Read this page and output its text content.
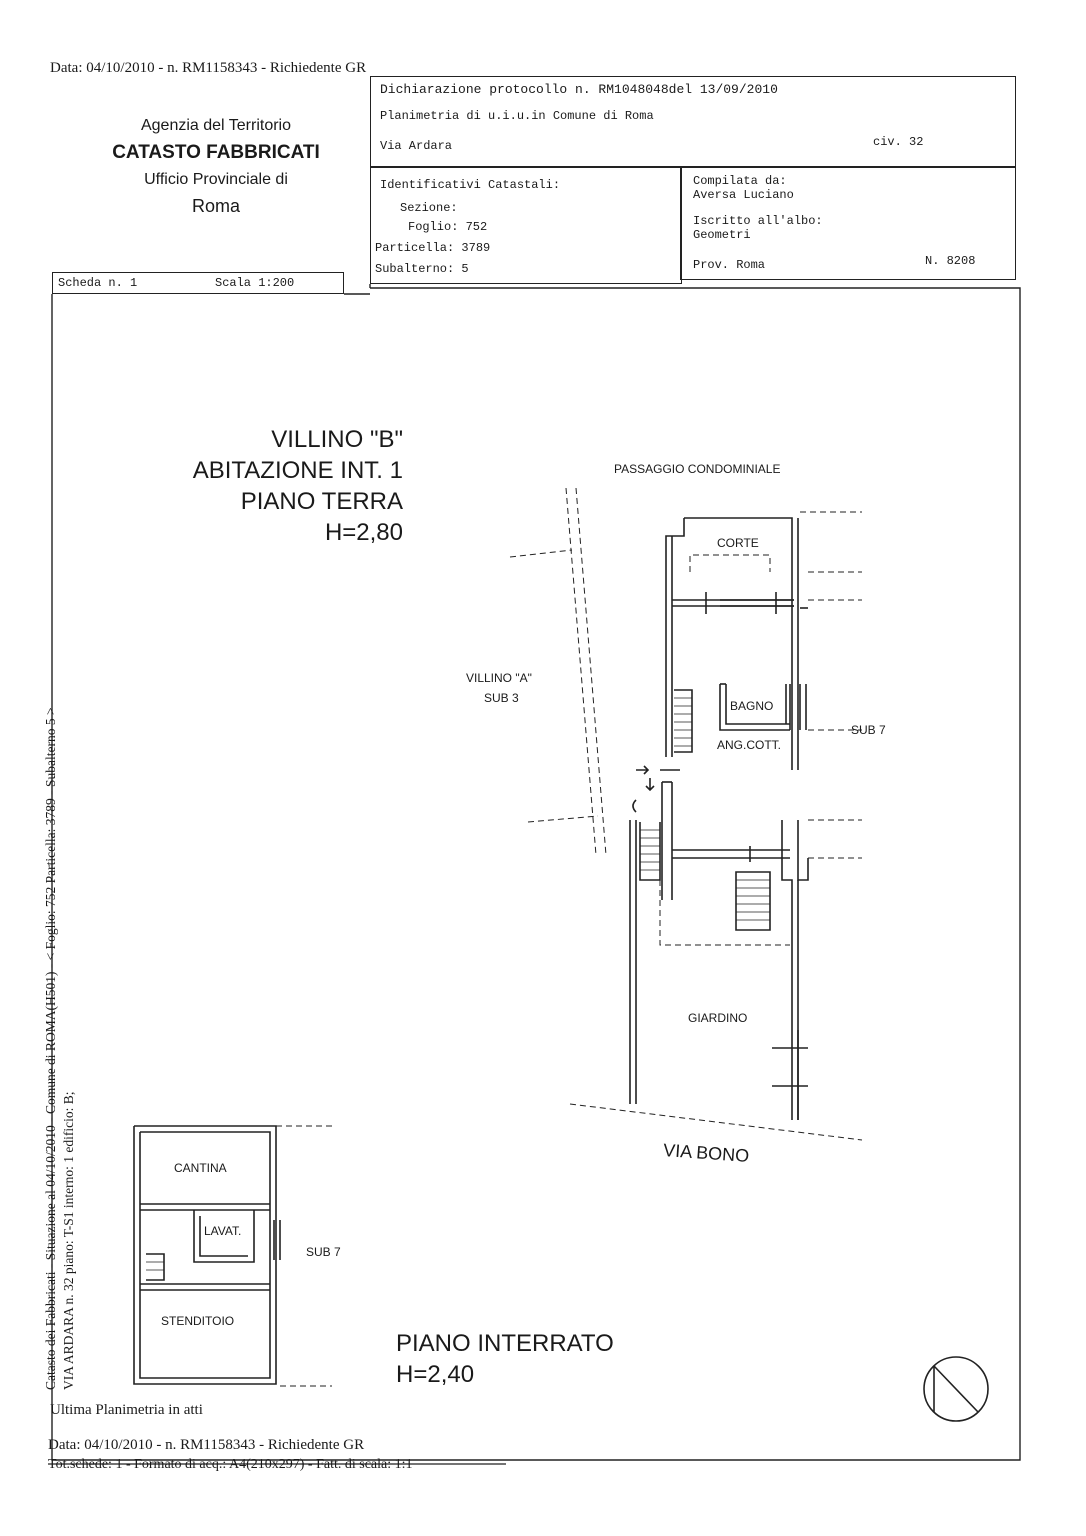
Data: 04/10/2010 - n. RM1158343 - Richiedente GR
Agenzia del Territorio
CATASTO FABBRICATI
Ufficio Provinciale di
Roma
Dichiarazione protocollo n. RM1048048del 13/09/2010
Planimetria di u.i.u.in Comune di Roma
Via Ardara	civ. 32
Identificativi Catastali:
Sezione:
Foglio: 752
Particella: 3789
Subalterno: 5
Compilata da:
Aversa Luciano
Iscritto all'albo:
Geometri
Prov. Roma	N. 8208
Scheda n. 1	Scala 1:200
VILLINO "B"
ABITAZIONE INT. 1
PIANO TERRA
H=2,80
PASSAGGIO CONDOMINIALE
CORTE
VILLINO "A"
SUB 3
BAGNO
ANG.COTT.
SUB 7
GIARDINO
VIA BONO
CANTINA
LAVAT.
SUB 7
STENDITOIO
PIANO INTERRATO
H=2,40
Catasto dei Fabbricati - Situazione al 04/10/2010 - Comune di ROMA(H501) - < Foglio: 752 Particella: 3789 - Subalterno 5 > VIA ARDARA n. 32 piano: T-S1 interno: 1 edificio: B;
Ultima Planimetria in atti
Data: 04/10/2010 - n. RM1158343 - Richiedente GR
Tot.schede: 1 - Formato di acq.: A4(210x297) - Fatt. di scala: 1:1
